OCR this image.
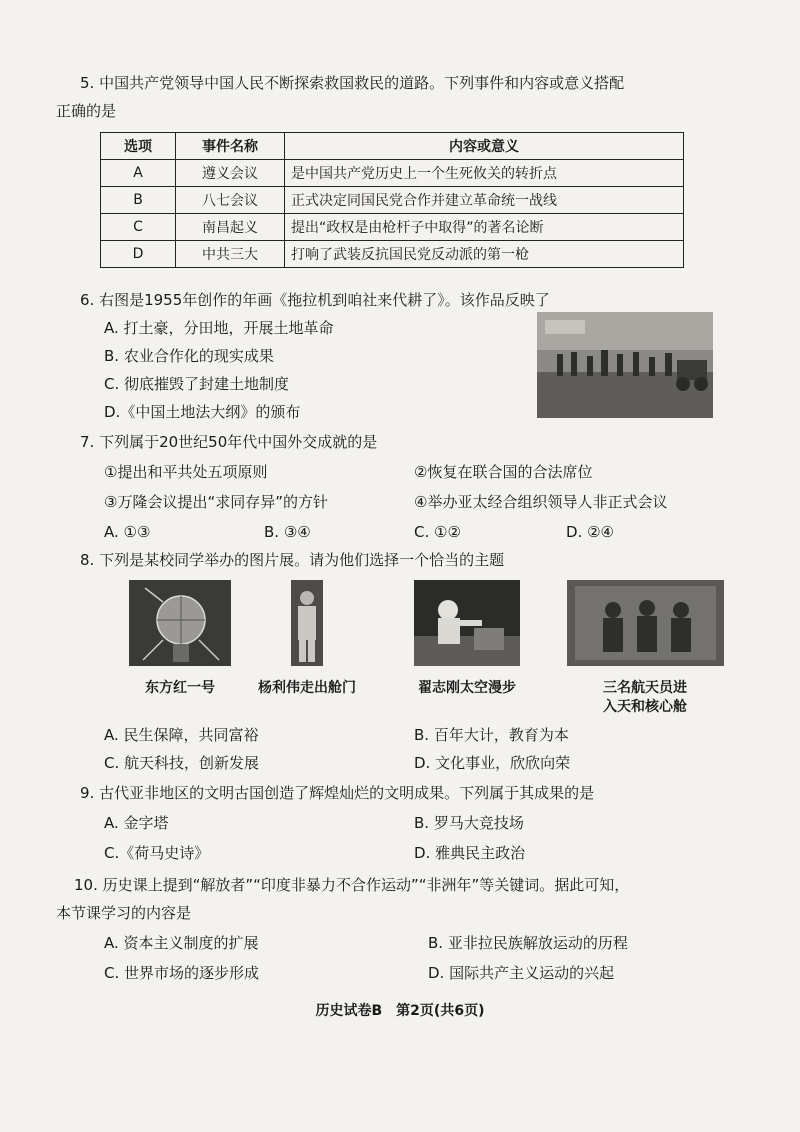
5. 中国共产党领导中国人民不断探索救国救民的道路。下列事件和内容或意义搭配
正确的是
选项	事件名称	内容或意义
A	遵义会议	是中国共产党历史上一个生死攸关的转折点
B	八七会议	正式决定同国民党合作并建立革命统一战线
C	南昌起义	提出“政权是由枪杆子中取得”的著名论断
D	中共三大	打响了武装反抗国民党反动派的第一枪
6. 右图是1955年创作的年画《拖拉机到咱社来代耕了》。该作品反映了
A. 打土豪，分田地，开展土地革命
B. 农业合作化的现实成果
C. 彻底摧毁了封建土地制度
D.《中国土地法大纲》的颁布
7. 下列属于20世纪50年代中国外交成就的是
①提出和平共处五项原则	②恢复在联合国的合法席位
③万隆会议提出“求同存异”的方针	④举办亚太经合组织领导人非正式会议
A. ①③	B. ③④	C. ①②	D. ②④
8. 下列是某校同学举办的图片展。请为他们选择一个恰当的主题
东方红一号	杨利伟走出舱门	翟志刚太空漫步	三名航天员进
入天和核心舱
A. 民生保障，共同富裕	B. 百年大计，教育为本
C. 航天科技，创新发展	D. 文化事业，欣欣向荣
9. 古代亚非地区的文明古国创造了辉煌灿烂的文明成果。下列属于其成果的是
A. 金字塔	B. 罗马大竞技场
C.《荷马史诗》	D. 雅典民主政治
10. 历史课上提到“解放者”“印度非暴力不合作运动”“非洲年”等关键词。据此可知，
本节课学习的内容是
A. 资本主义制度的扩展	B. 亚非拉民族解放运动的历程
C. 世界市场的逐步形成	D. 国际共产主义运动的兴起
历史试卷B　第2页(共6页)
